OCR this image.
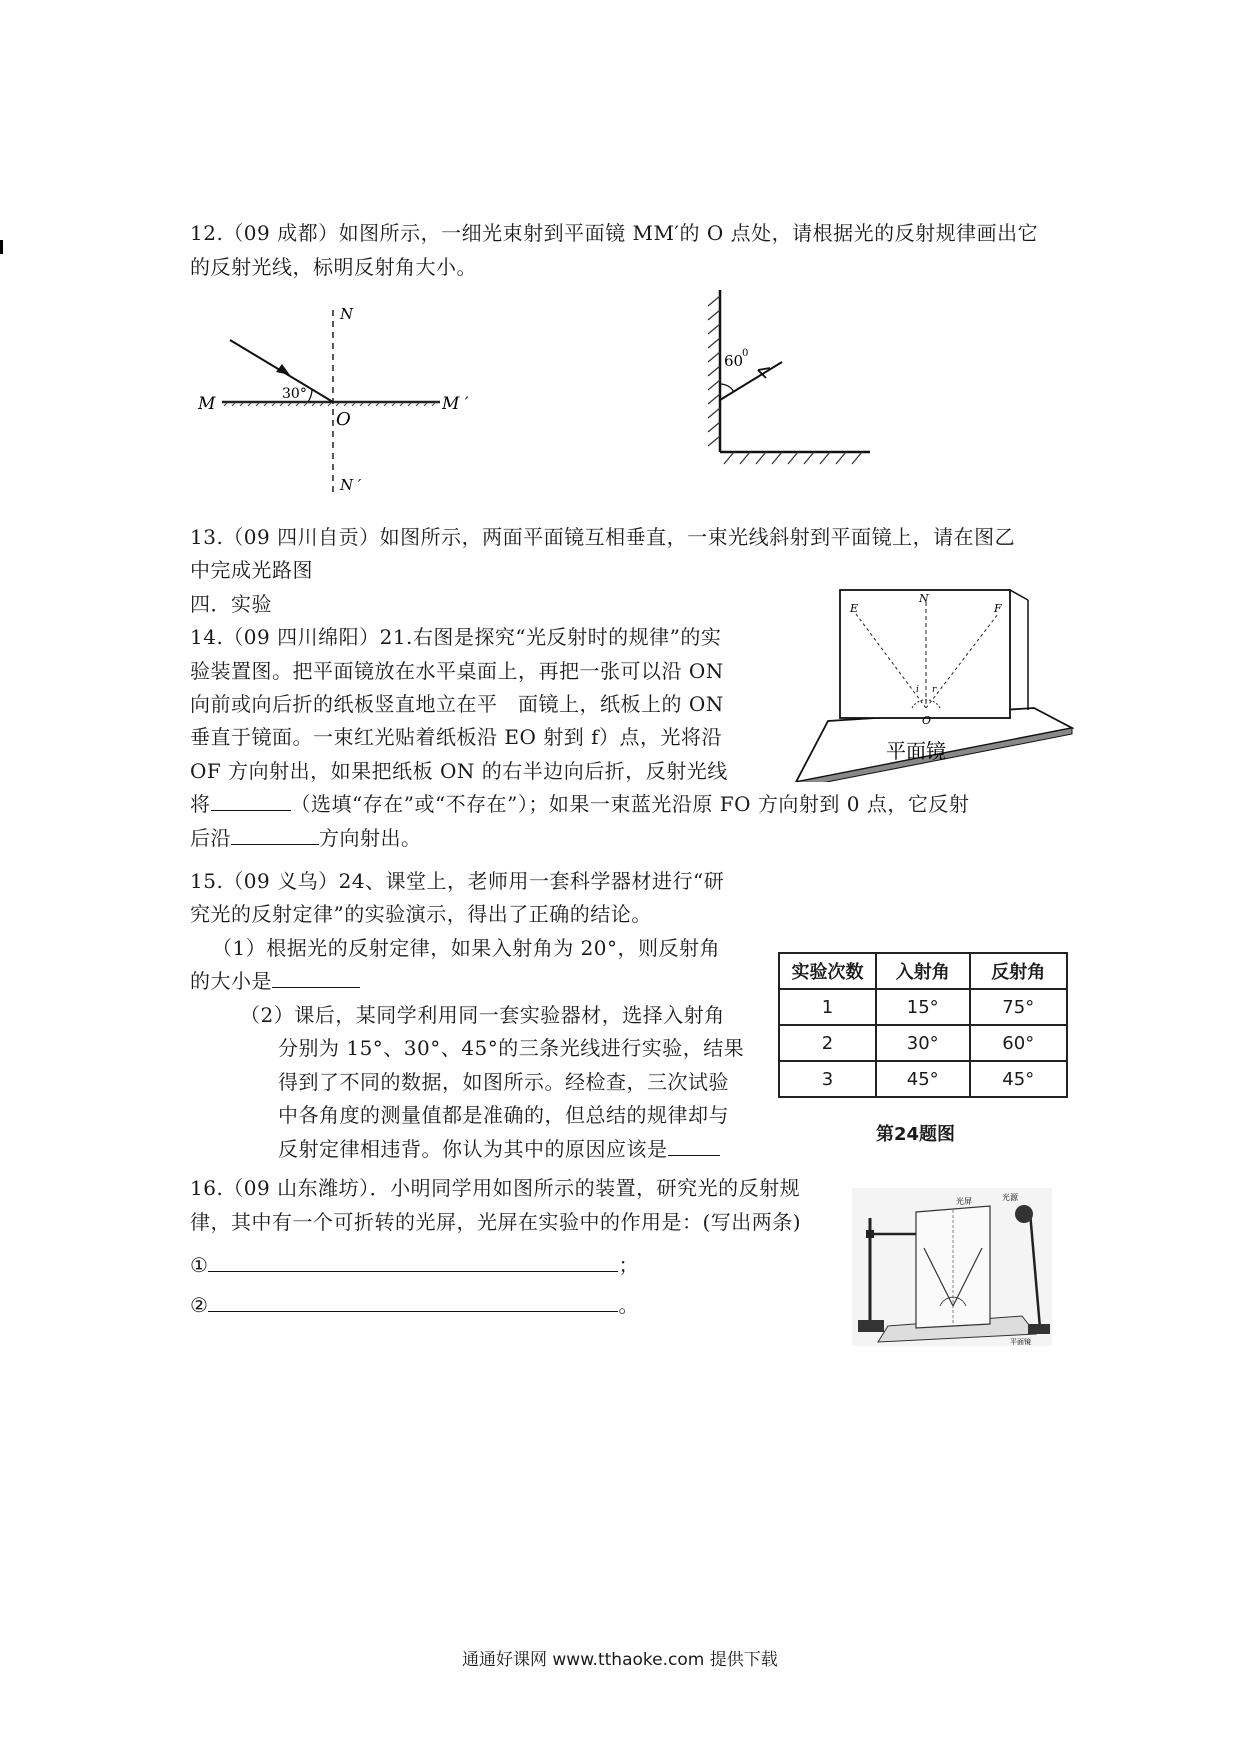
12.（09 成都）如图所示，一细光束射到平面镜 MM′的 O 点处，请根据光的反射规律画出它
的反射光线，标明反射角大小。
30°
M	M ′
N
N ′
O
60
0
13.（09 四川自贡）如图所示，两面平面镜互相垂直，一束光线斜射到平面镜上，请在图乙
中完成光路图
四．实验
14.（09 四川绵阳）21.右图是探究“光反射时的规律”的实
验装置图。把平面镜放在水平桌面上，再把一张可以沿 ON
向前或向后折的纸板竖直地立在平　面镜上，纸板上的 ON
垂直于镜面。一束红光贴着纸板沿 EO 射到 f）点，光将沿
OF 方向射出，如果把纸板 ON 的右半边向后折，反射光线
将	（选填“存在”或“不存在”）；如果一束蓝光沿原 FO 方向射到 0 点，它反射
后沿	方向射出。
E	F
N
O
i r
平面镜
15.（09 义乌）24、课堂上，老师用一套科学器材进行“研
究光的反射定律”的实验演示，得出了正确的结论。
（1）根据光的反射定律，如果入射角为 20°，则反射角
的大小是
（2）课后，某同学利用同一套实验器材，选择入射角
分别为 15°、30°、45°的三条光线进行实验，结果
得到了不同的数据，如图所示。经检查，三次试验
中各角度的测量值都是准确的，但总结的规律却与
反射定律相违背。你认为其中的原因应该是
实验次数	入射角	反射角
1	15°	75°
2	30°	60°
3	45°	45°
第24题图
16.（09 山东潍坊）．小明同学用如图所示的装置，研究光的反射规
律，其中有一个可折转的光屏，光屏在实验中的作用是：(写出两条)
①	；
②	。
光屏	光源
平面镜
通通好课网 www.tthaoke.com 提供下载
